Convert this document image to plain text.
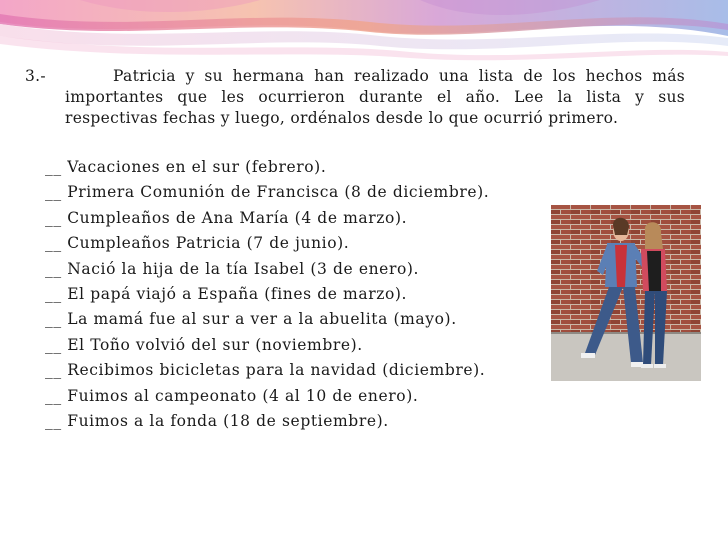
3.-	Patricia y su hermana han realizado una lista de los hechos más importantes que les ocurrieron durante el año. Lee la lista y sus respectivas fechas y luego, ordénalos desde lo que ocurrió primero.
__ Vacaciones en el sur (febrero).
__ Primera Comunión de Francisca (8 de diciembre).
__ Cumpleaños de Ana María (4 de marzo).
__ Cumpleaños Patricia (7 de junio).
__ Nació la hija de la tía Isabel (3 de enero).
__ El papá viajó a España (fines de marzo).
__ La mamá fue al sur a ver a la abuelita (mayo).
__ El Toño volvió del sur (noviembre).
__ Recibimos bicicletas para la navidad (diciembre).
__ Fuimos al campeonato (4 al 10 de enero).
__ Fuimos a la fonda (18 de septiembre).
